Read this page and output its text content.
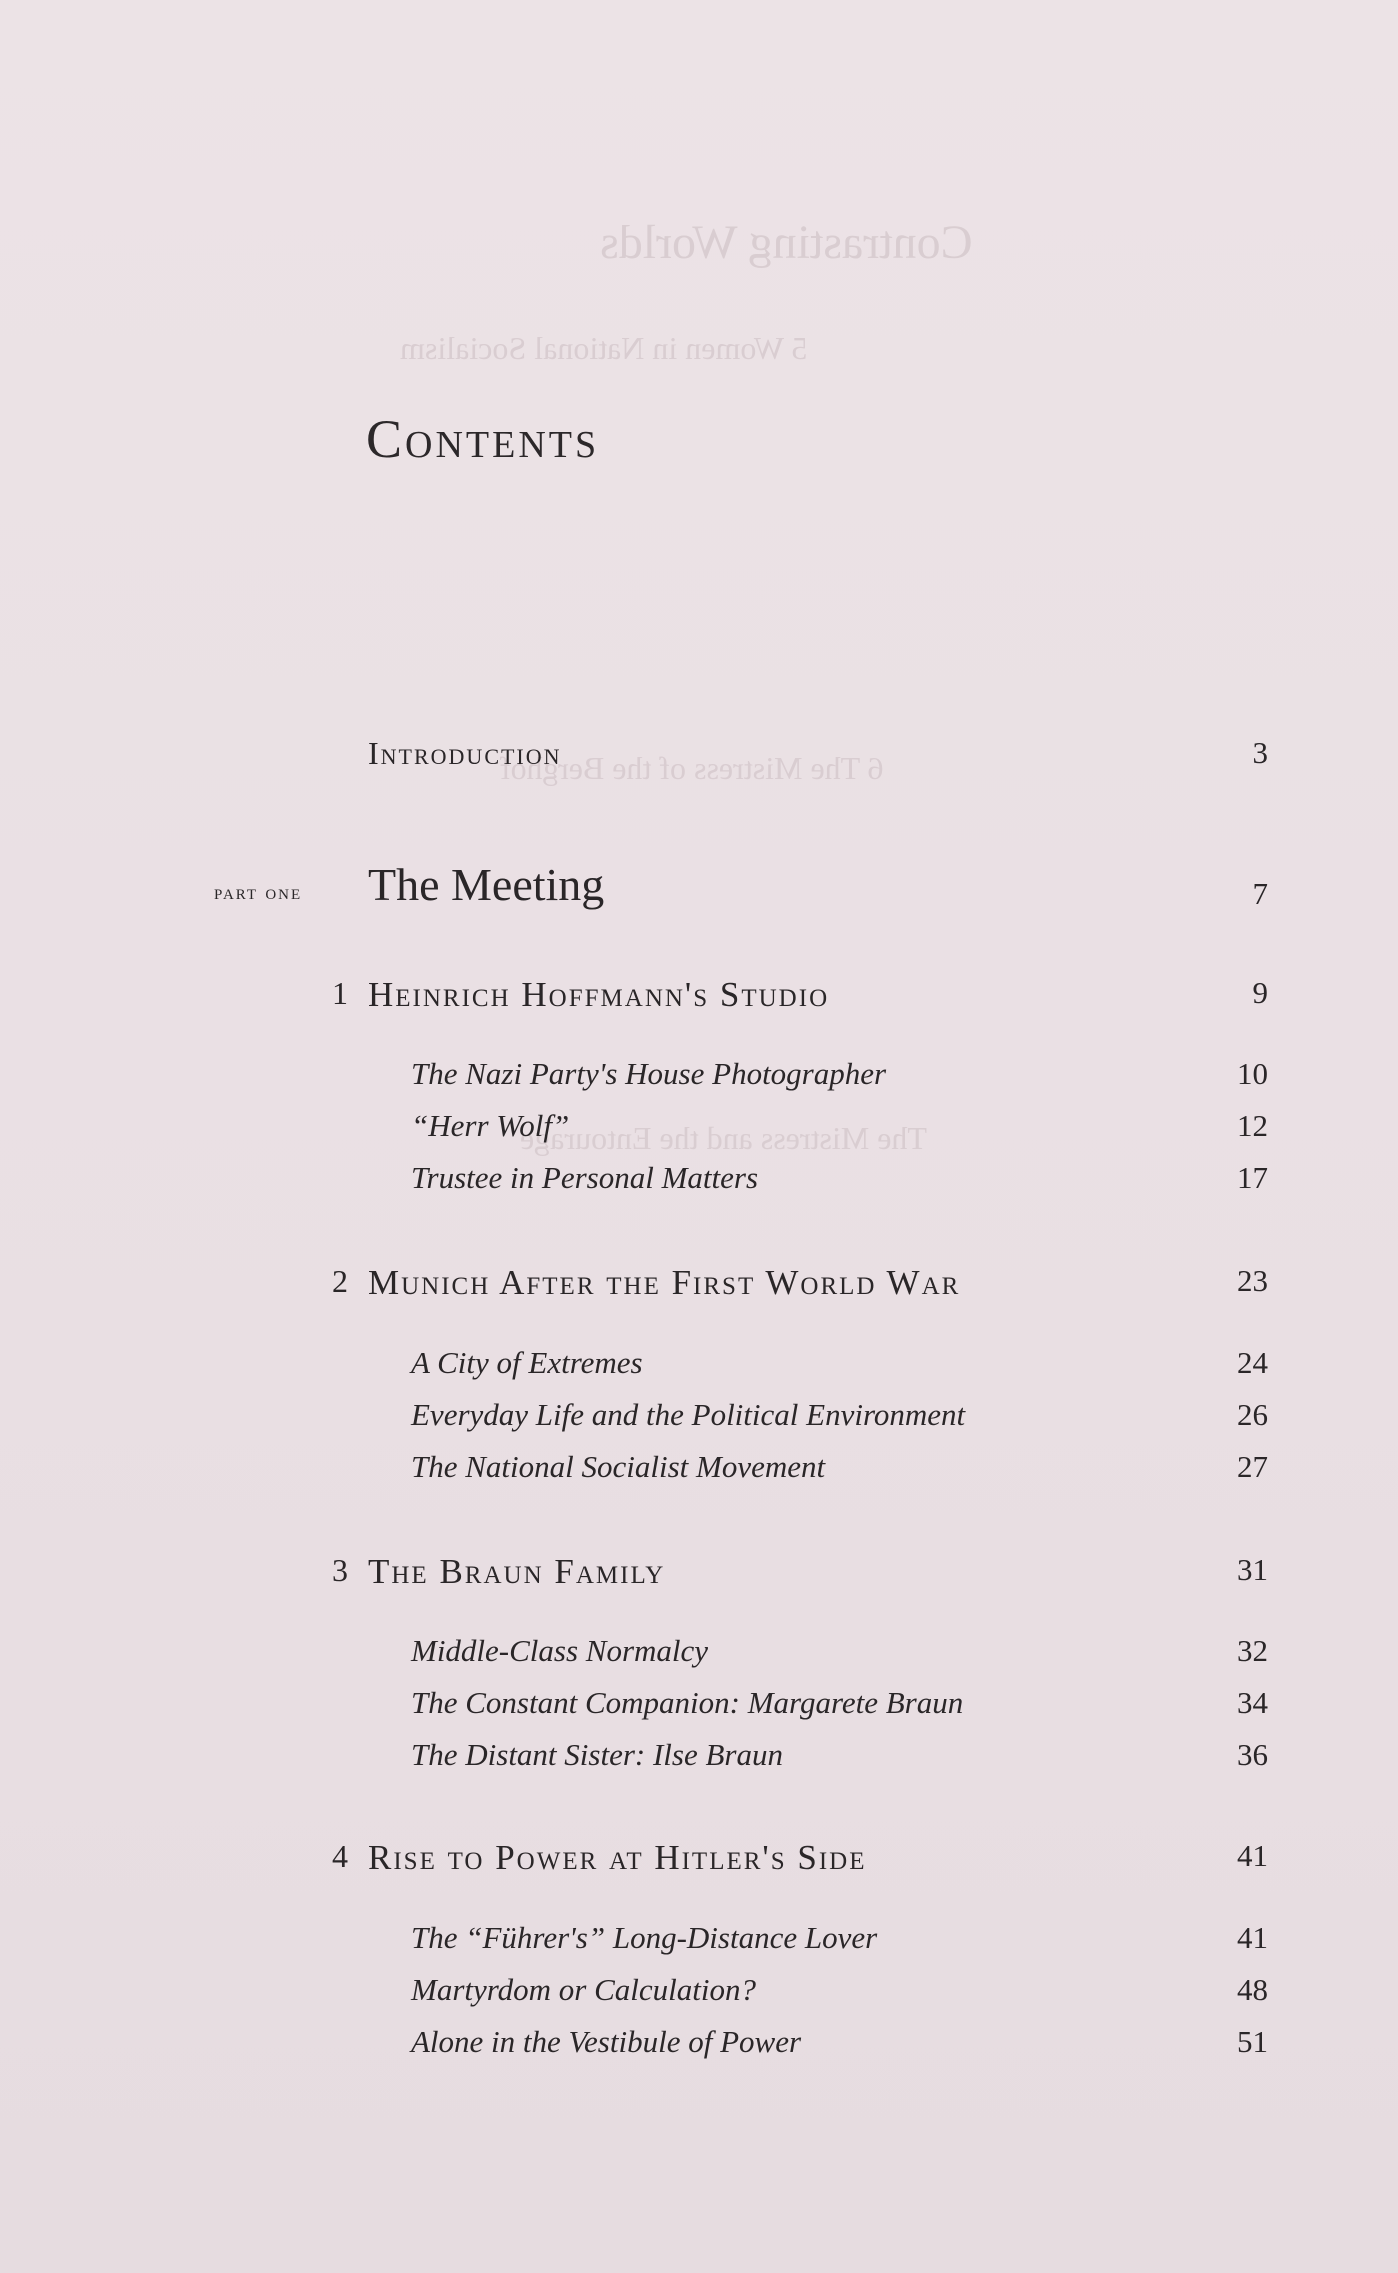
Contrasting Worlds
5 Women in National Socialism
6 The Mistress of the Berghof
The Mistress and the Entourage
Contents
Introduction	3
part one The Meeting	7
1 Heinrich Hoffmann's Studio	9
The Nazi Party's House Photographer	10
“Herr Wolf”	12
Trustee in Personal Matters	17
2 Munich After the First World War	23
A City of Extremes	24
Everyday Life and the Political Environment	26
The National Socialist Movement	27
3 The Braun Family	31
Middle-Class Normalcy	32
The Constant Companion: Margarete Braun	34
The Distant Sister: Ilse Braun	36
4 Rise to Power at Hitler's Side	41
The “Führer's” Long-Distance Lover	41
Martyrdom or Calculation?	48
Alone in the Vestibule of Power	51
